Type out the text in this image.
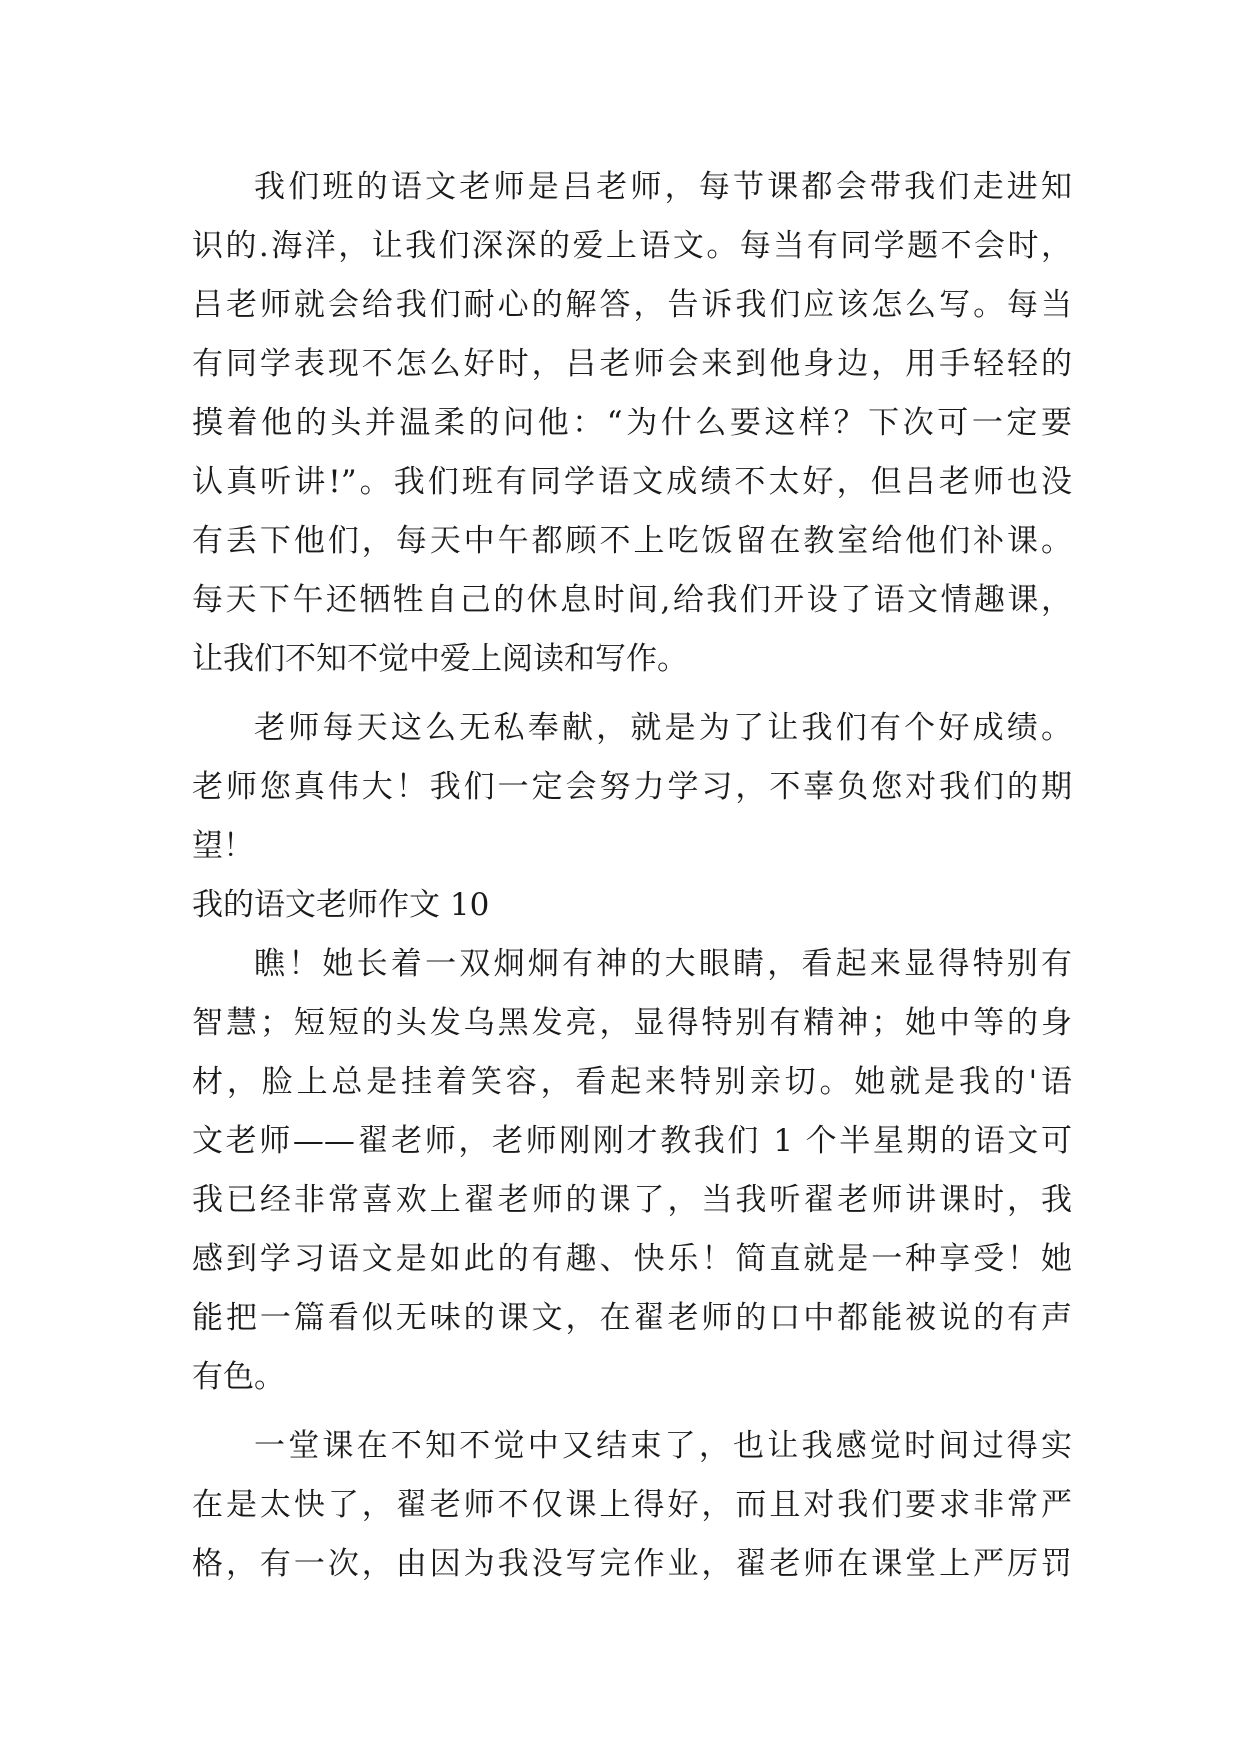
我们班的语文老师是吕老师，每节课都会带我们走进知
识的.海洋，让我们深深的爱上语文。每当有同学题不会时，
吕老师就会给我们耐心的解答，告诉我们应该怎么写。每当
有同学表现不怎么好时，吕老师会来到他身边，用手轻轻的
摸着他的头并温柔的问他：“为什么要这样？下次可一定要
认真听讲!”。我们班有同学语文成绩不太好，但吕老师也没
有丢下他们，每天中午都顾不上吃饭留在教室给他们补课。
每天下午还牺牲自己的休息时间,给我们开设了语文情趣课，
让我们不知不觉中爱上阅读和写作。
老师每天这么无私奉献，就是为了让我们有个好成绩。
老师您真伟大！我们一定会努力学习，不辜负您对我们的期
望！
我的语文老师作文 10
瞧！她长着一双炯炯有神的大眼睛，看起来显得特别有
智慧；短短的头发乌黑发亮，显得特别有精神；她中等的身
材，脸上总是挂着笑容，看起来特别亲切。她就是我的'语
文老师——翟老师，老师刚刚才教我们 1 个半星期的语文可
我已经非常喜欢上翟老师的课了，当我听翟老师讲课时，我
感到学习语文是如此的有趣、快乐！简直就是一种享受！她
能把一篇看似无味的课文，在翟老师的口中都能被说的有声
有色。
一堂课在不知不觉中又结束了，也让我感觉时间过得实
在是太快了，翟老师不仅课上得好，而且对我们要求非常严
格，有一次，由因为我没写完作业，翟老师在课堂上严厉罚
